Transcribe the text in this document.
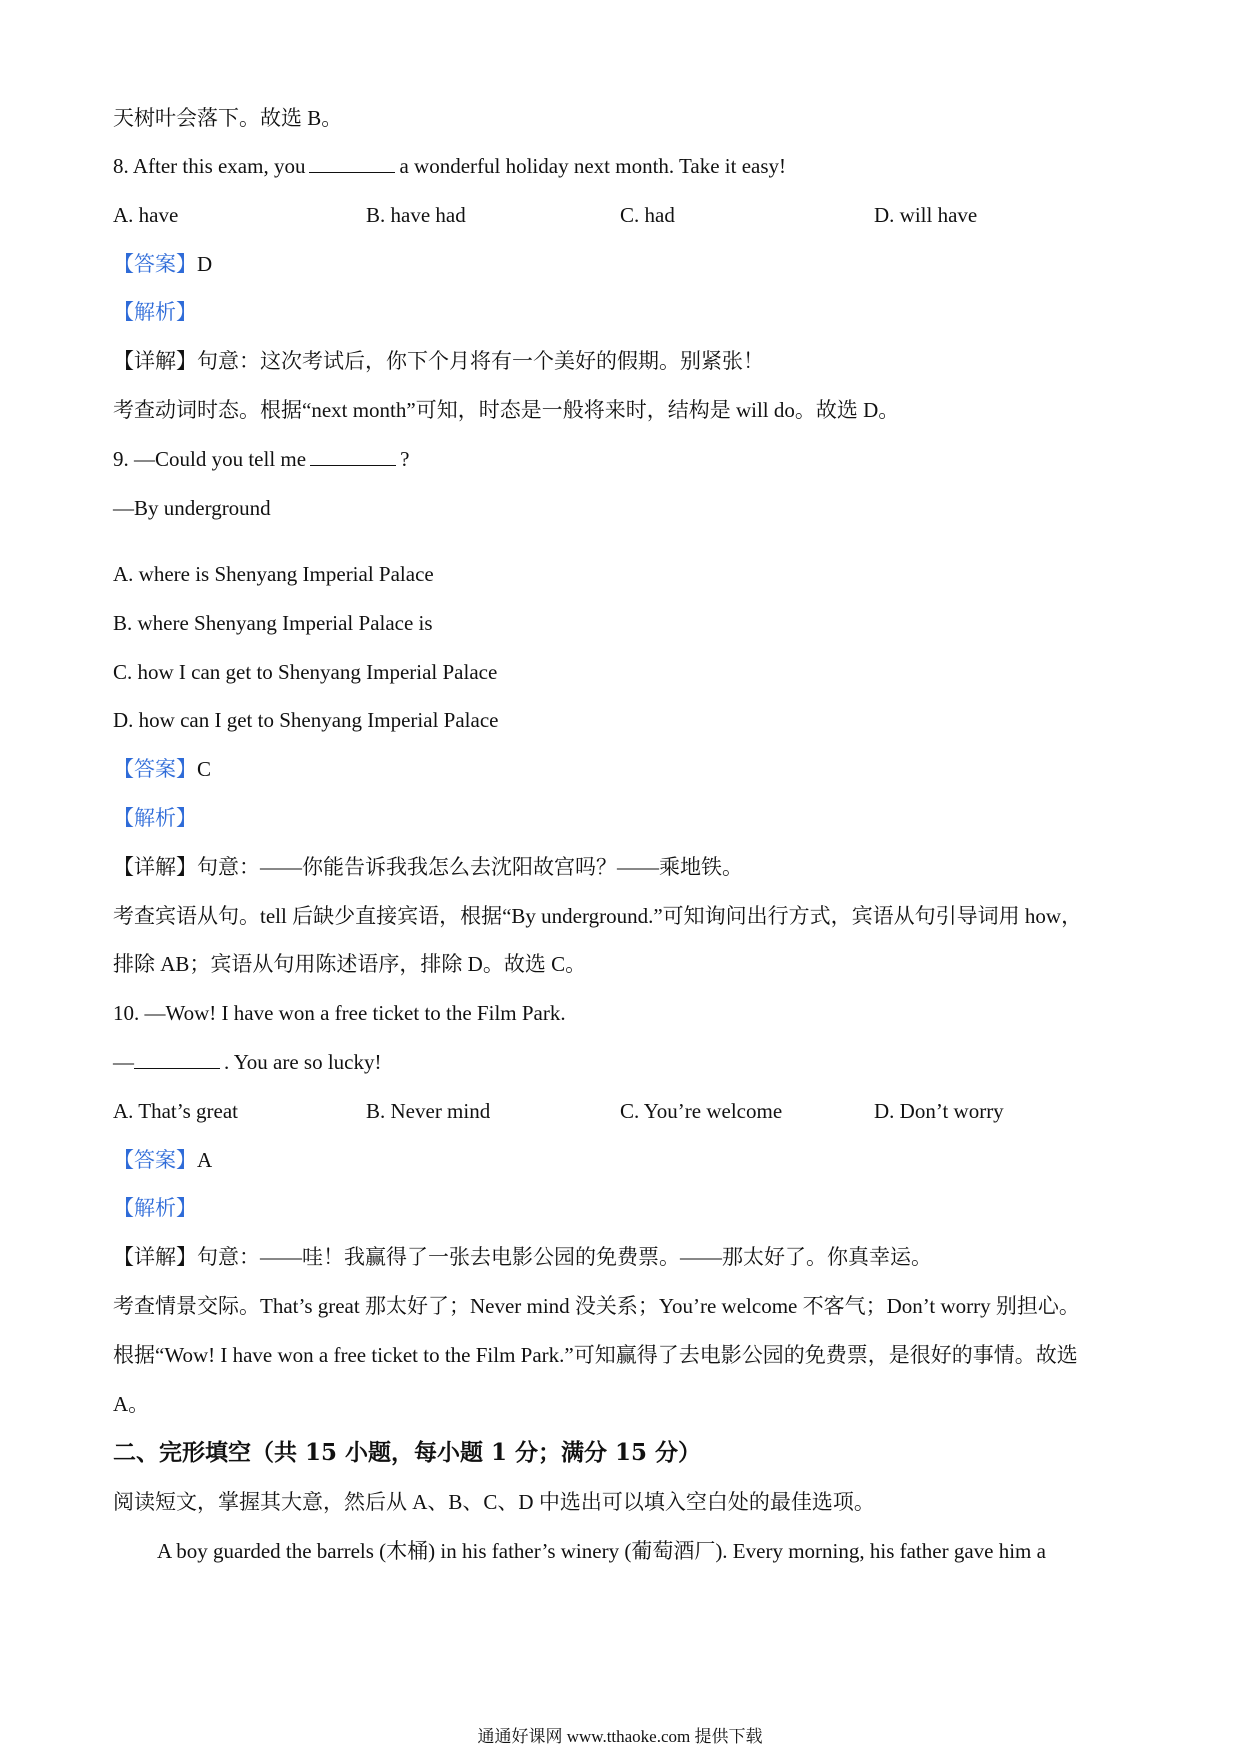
天树叶会落下。故选 B。
8. After this exam, you	a wonderful holiday next month. Take it easy!
A. have	B. have had	C. had	D. will have
【答案】D
【解析】
【详解】句意：这次考试后，你下个月将有一个美好的假期。别紧张！
考查动词时态。根据“next month”可知，时态是一般将来时，结构是 will do。故选 D。
9. —Could you tell me	?
—By underground
A. where is Shenyang Imperial Palace
B. where Shenyang Imperial Palace is
C. how I can get to Shenyang Imperial Palace
D. how can I get to Shenyang Imperial Palace
【答案】C
【解析】
【详解】句意：——你能告诉我我怎么去沈阳故宫吗？——乘地铁。
考查宾语从句。tell 后缺少直接宾语，根据“By underground.”可知询问出行方式，宾语从句引导词用 how，
排除 AB；宾语从句用陈述语序，排除 D。故选 C。
10. —Wow! I have won a free ticket to the Film Park.
—	. You are so lucky!
A. That’s great	B. Never mind	C. You’re welcome	D. Don’t worry
【答案】A
【解析】
【详解】句意：——哇！我赢得了一张去电影公园的免费票。——那太好了。你真幸运。
考查情景交际。That’s great 那太好了；Never mind 没关系；You’re welcome 不客气；Don’t worry 别担心。
根据“Wow! I have won a free ticket to the Film Park.”可知赢得了去电影公园的免费票，是很好的事情。故选
A。
二、完形填空（共 15 小题，每小题 1 分；满分 15 分）
阅读短文，掌握其大意，然后从 A、B、C、D 中选出可以填入空白处的最佳选项。
A boy guarded the barrels (木桶) in his father’s winery (葡萄酒厂). Every morning, his father gave him a
通通好课网 www.tthaoke.com 提供下载
